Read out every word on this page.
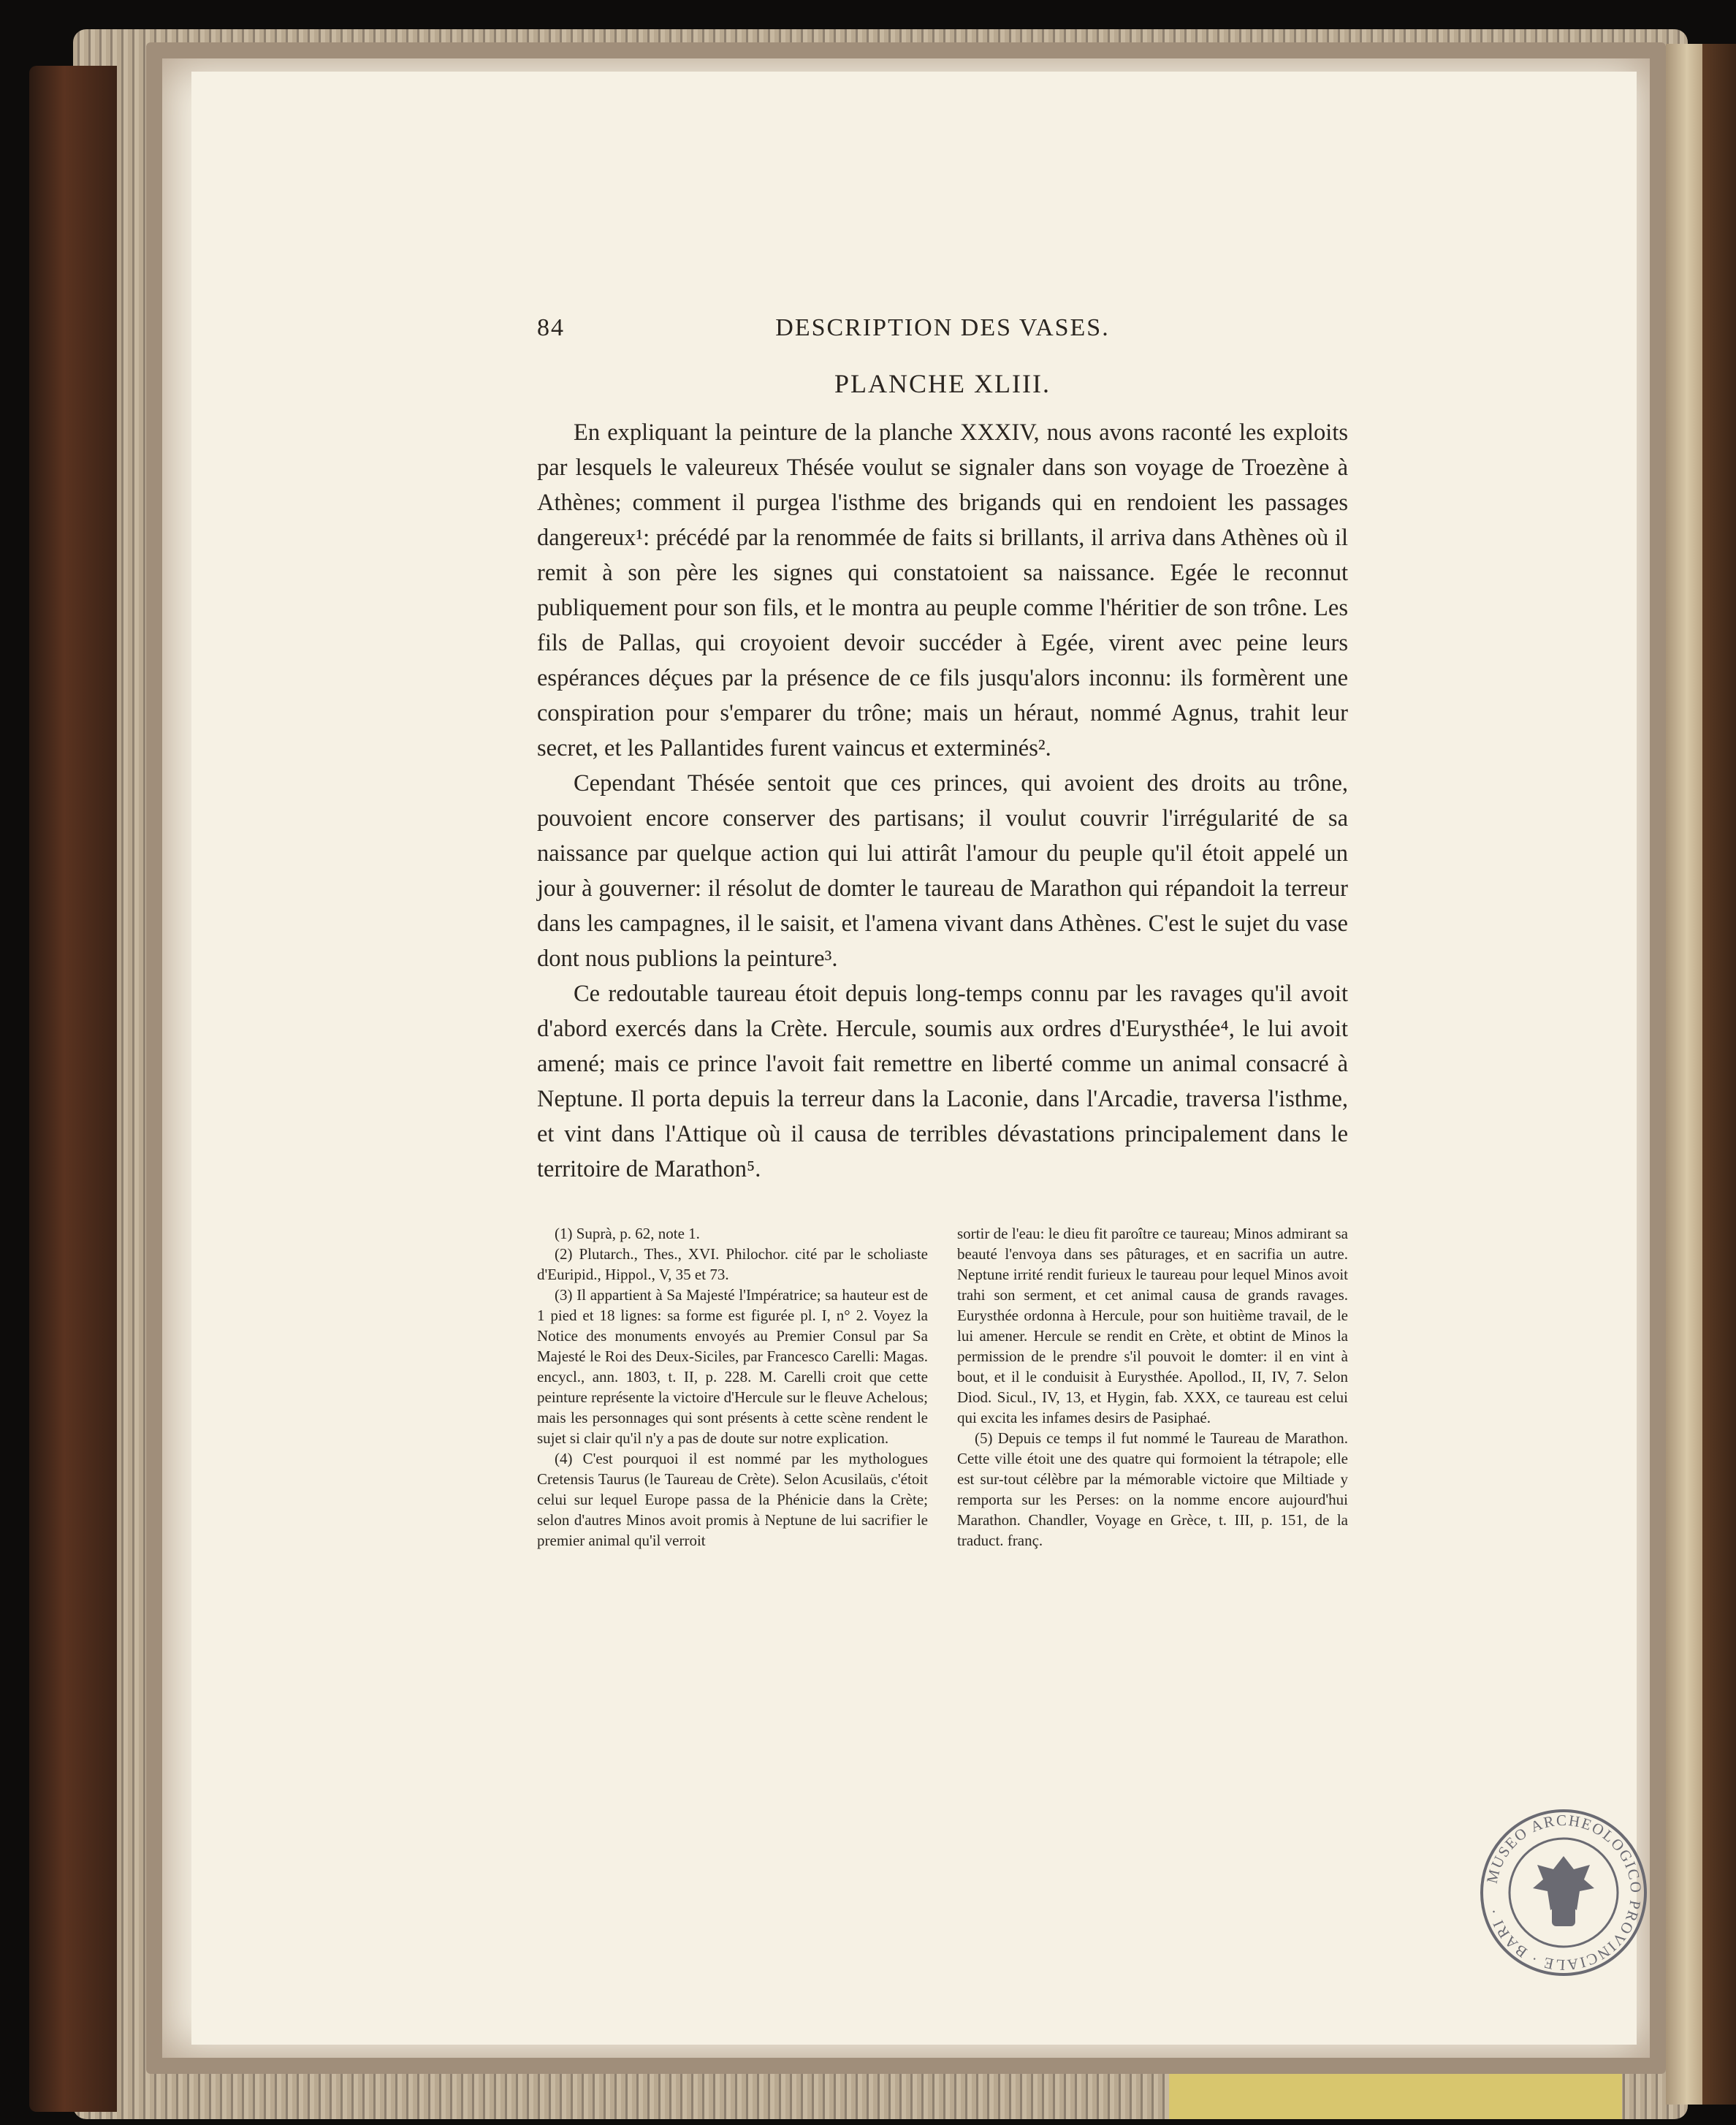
84	DESCRIPTION DES VASES.
PLANCHE XLIII.

En expliquant la peinture de la planche XXXIV, nous avons raconté les exploits par lesquels le valeureux Thésée voulut se signaler dans son voyage de Troezène à Athènes; comment il purgea l'isthme des brigands qui en rendoient les passages dangereux¹: précédé par la renommée de faits si brillants, il arriva dans Athènes où il remit à son père les signes qui constatoient sa naissance. Egée le reconnut publiquement pour son fils, et le montra au peuple comme l'héritier de son trône. Les fils de Pallas, qui croyoient devoir succéder à Egée, virent avec peine leurs espérances déçues par la présence de ce fils jusqu'alors inconnu: ils formèrent une conspiration pour s'emparer du trône; mais un héraut, nommé Agnus, trahit leur secret, et les Pallantides furent vaincus et exterminés².

Cependant Thésée sentoit que ces princes, qui avoient des droits au trône, pouvoient encore conserver des partisans; il voulut couvrir l'irrégularité de sa naissance par quelque action qui lui attirât l'amour du peuple qu'il étoit appelé un jour à gouverner: il résolut de domter le taureau de Marathon qui répandoit la terreur dans les campagnes, il le saisit, et l'amena vivant dans Athènes. C'est le sujet du vase dont nous publions la peinture³.

Ce redoutable taureau étoit depuis long-temps connu par les ravages qu'il avoit d'abord exercés dans la Crète. Hercule, soumis aux ordres d'Eurysthée⁴, le lui avoit amené; mais ce prince l'avoit fait remettre en liberté comme un animal consacré à Neptune. Il porta depuis la terreur dans la Laconie, dans l'Arcadie, traversa l'isthme, et vint dans l'Attique où il causa de terribles dévastations principalement dans le territoire de Marathon⁵.

(1) Suprà, p. 62, note 1.

(2) Plutarch., Thes., XVI. Philochor. cité par le scholiaste d'Euripid., Hippol., V, 35 et 73.

(3) Il appartient à Sa Majesté l'Impératrice; sa hauteur est de 1 pied et 18 lignes: sa forme est figurée pl. I, n° 2. Voyez la Notice des monuments envoyés au Premier Consul par Sa Majesté le Roi des Deux-Siciles, par Francesco Carelli: Magas. encycl., ann. 1803, t. II, p. 228. M. Carelli croit que cette peinture représente la victoire d'Hercule sur le fleuve Achelous; mais les personnages qui sont présents à cette scène rendent le sujet si clair qu'il n'y a pas de doute sur notre explication.

(4) C'est pourquoi il est nommé par les mythologues Cretensis Taurus (le Taureau de Crète). Selon Acusilaüs, c'étoit celui sur lequel Europe passa de la Phénicie dans la Crète; selon d'autres Minos avoit promis à Neptune de lui sacrifier le premier animal qu'il verroit

sortir de l'eau: le dieu fit paroître ce taureau; Minos admirant sa beauté l'envoya dans ses pâturages, et en sacrifia un autre. Neptune irrité rendit furieux le taureau pour lequel Minos avoit trahi son serment, et cet animal causa de grands ravages. Eurysthée ordonna à Hercule, pour son huitième travail, de le lui amener. Hercule se rendit en Crète, et obtint de Minos la permission de le prendre s'il pouvoit le domter: il en vint à bout, et il le conduisit à Eurysthée. Apollod., II, IV, 7. Selon Diod. Sicul., IV, 13, et Hygin, fab. XXX, ce taureau est celui qui excita les infames desirs de Pasiphaé.

(5) Depuis ce temps il fut nommé le Taureau de Marathon. Cette ville étoit une des quatre qui formoient la tétrapole; elle est sur-tout célèbre par la mémorable victoire que Miltiade y remporta sur les Perses: on la nomme encore aujourd'hui Marathon. Chandler, Voyage en Grèce, t. III, p. 151, de la traduct. franç.

MUSEO ARCHEOLOGICO PROVINCIALE · BARI ·
